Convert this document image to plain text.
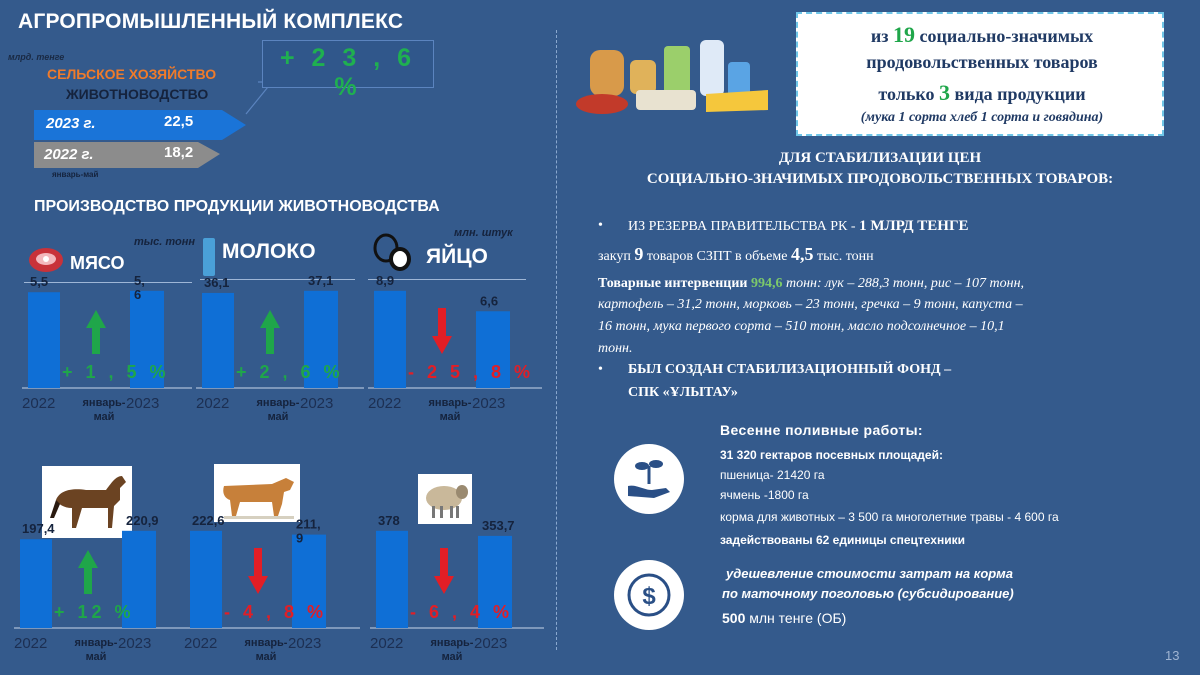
АГРОПРОМЫШЛЕННЫЙ КОМПЛЕКС
млрд. тенге
СЕЛЬСКОЕ ХОЗЯЙСТВО
ЖИВОТНОВОДСТВО
2023 г.	22,5
2022 г.	18,2
январь-май
+ 2 3 , 6 %
ПРОИЗВОДСТВО ПРОДУКЦИИ ЖИВОТНОВОДСТВА
МЯСО
тыс. тонн МОЛОКО	ЯЙЦО
млн. штук
5,5
2022
5, 6
2023
январь-май
+ 1 , 5 %
36,1
2022
37,1
2023
январь-май
+ 2 , 6 %
8,9
2022
6,6
2023
январь-май
- 2 5 , 8 %
197,4
2022
220,9
2023
январь-май
+ 12 %
222,6
2022
211, 9
2023
январь-май
- 4 , 8 %
378
2022
353,7
2023
январь-май
- 6 , 4 %
из 19 социально-значимых
продовольственных товаров
только 3 вида продукции
(мука 1 сорта хлеб 1 сорта и говядина)
ДЛЯ СТАБИЛИЗАЦИИ ЦЕН
СОЦИАЛЬНО-ЗНАЧИМЫХ ПРОДОВОЛЬСТВЕННЫХ ТОВАРОВ:
• ИЗ РЕЗЕРВА ПРАВИТЕЛЬСТВА РК - 1 МЛРД ТЕНГЕ
закуп 9 товаров СЗПТ в объеме 4,5 тыс. тонн
Товарные интервенции 994,6 тонн: лук – 288,3 тонн, рис – 107 тонн,
картофель – 31,2 тонн, морковь – 23 тонн, гречка – 9 тонн, капуста –
16 тонн, мука первого сорта – 510 тонн, масло подсолнечное – 10,1
тонн.
• БЫЛ СОЗДАН СТАБИЛИЗАЦИОННЫЙ ФОНД –
СПК «ҰЛЫТАУ»
Весенне поливные работы:
31 320 гектаров посевных площадей:
пшеница- 21420 га
ячмень -1800 га
корма для животных – 3 500 га многолетние травы - 4 600 га
задействованы 62 единицы спецтехники
$
удешевление стоимости затрат на корма
по маточному поголовью (субсидирование)
500 млн тенге (ОБ)
13
